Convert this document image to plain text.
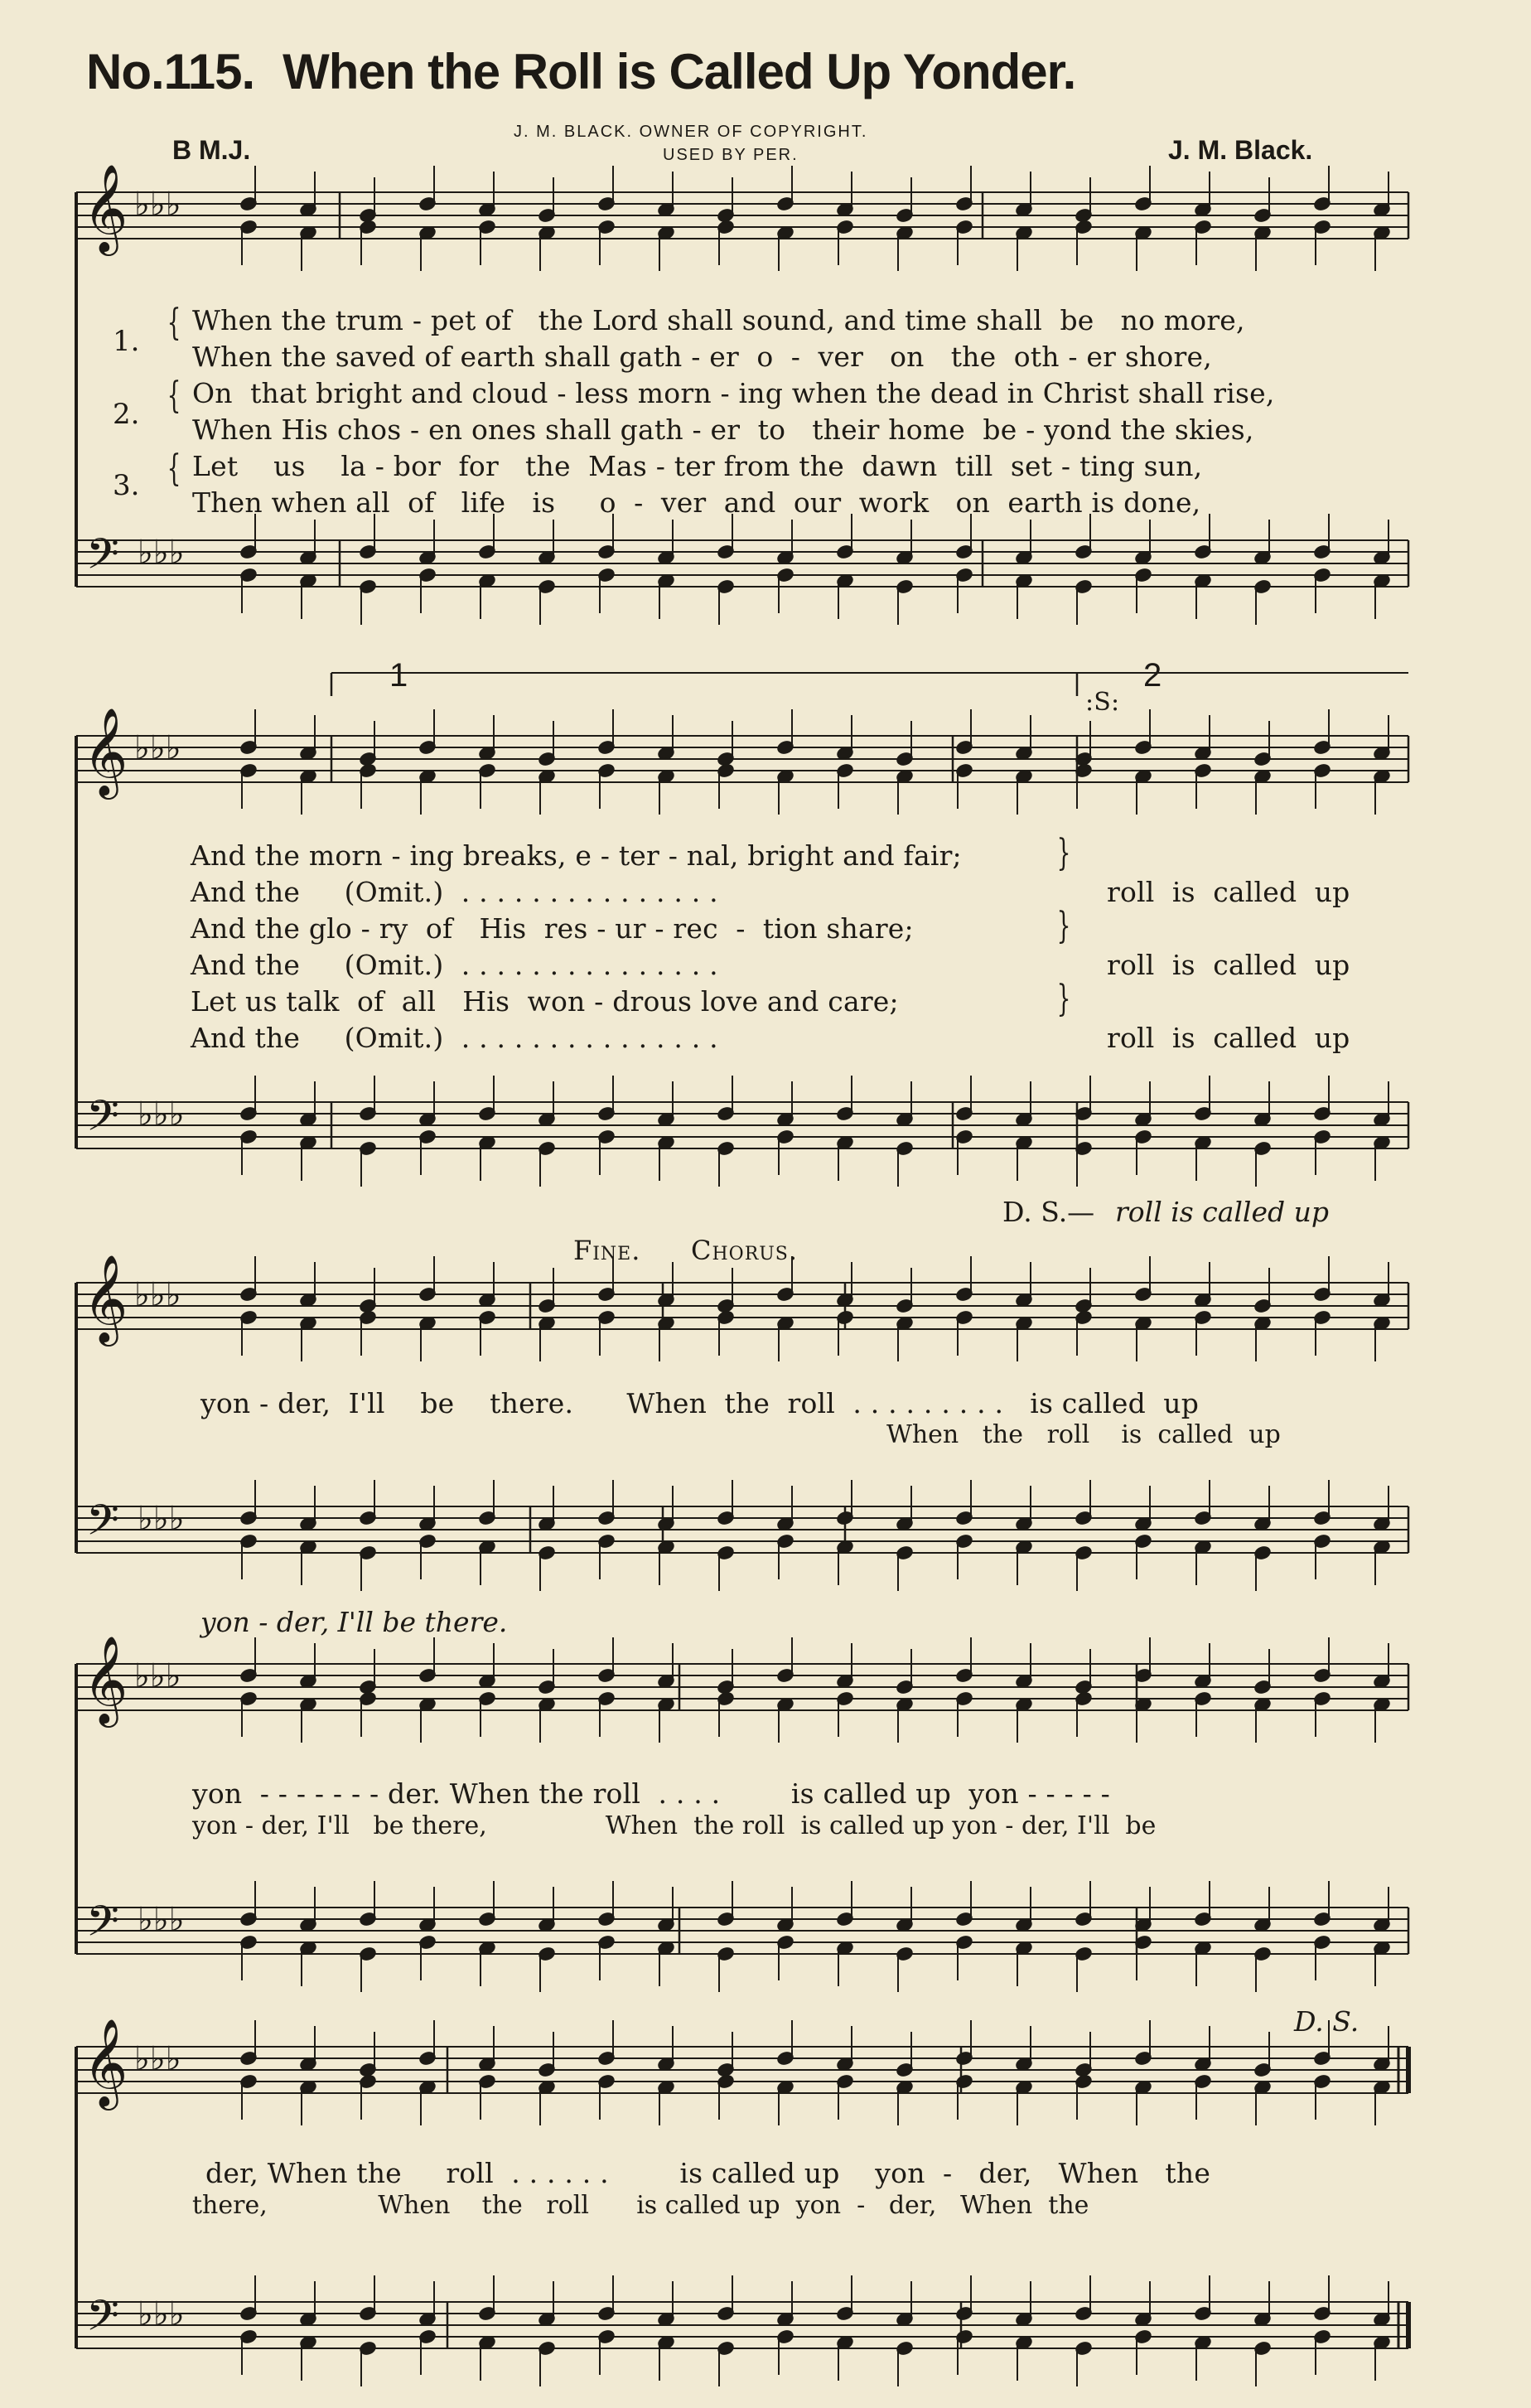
No.115. When the Roll is Called Up Yonder.
J. M. BLACK. OWNER OF COPYRIGHT.
USED BY PER.
B M.J.	J. M. Black.
𝄞 ♭♭♭
𝄢 ♭♭♭
𝄞 ♭♭♭
𝄢 ♭♭♭
𝄞 ♭♭♭
𝄢 ♭♭♭
𝄞 ♭♭♭
𝄢 ♭♭♭
𝄞 ♭♭♭
𝄢 ♭♭♭
1.
2.
3.
{
{
{
When the trum - pet of   the Lord shall sound, and time shall  be   no more,
When the saved of earth shall gath - er  o  -  ver   on   the  oth - er shore,
On  that bright and cloud - less morn - ing when the dead in Christ shall rise,
When His chos - en ones shall gath - er  to   their home  be - yond the skies,
Let    us    la - bor  for   the  Mas - ter from the  dawn  till  set - ting sun,
Then when all  of   life   is     o  -  ver  and  our  work   on  earth is done,
And the morn - ing breaks, e - ter - nal, bright and fair;
And the     (Omit.)  . . . . . . . . . . . . . . .
And the glo - ry  of   His  res - ur - rec  -  tion share;
And the     (Omit.)  . . . . . . . . . . . . . . .
Let us talk  of  all   His  won - drous love and care;
And the     (Omit.)  . . . . . . . . . . . . . . .
}
}
}
roll  is  called  up
roll  is  called  up
roll  is  called  up
1	2
:S:
D. S.— roll is called up
Fine. Chorus.
yon - der,  I'll    be    there.      When  the  roll  . . . . . . . . .   is called  up
When   the   roll    is  called  up
yon - der, I'll be there.
yon  - - - - - - - der. When the roll  . . . .        is called up  yon - - - - -
yon - der, I'll   be there,               When  the roll  is called up yon - der, I'll  be
der, When the     roll  . . . . . .        is called up    yon  -   der,   When   the
there,              When    the   roll      is called up  yon  -   der,   When  the
D. S.
